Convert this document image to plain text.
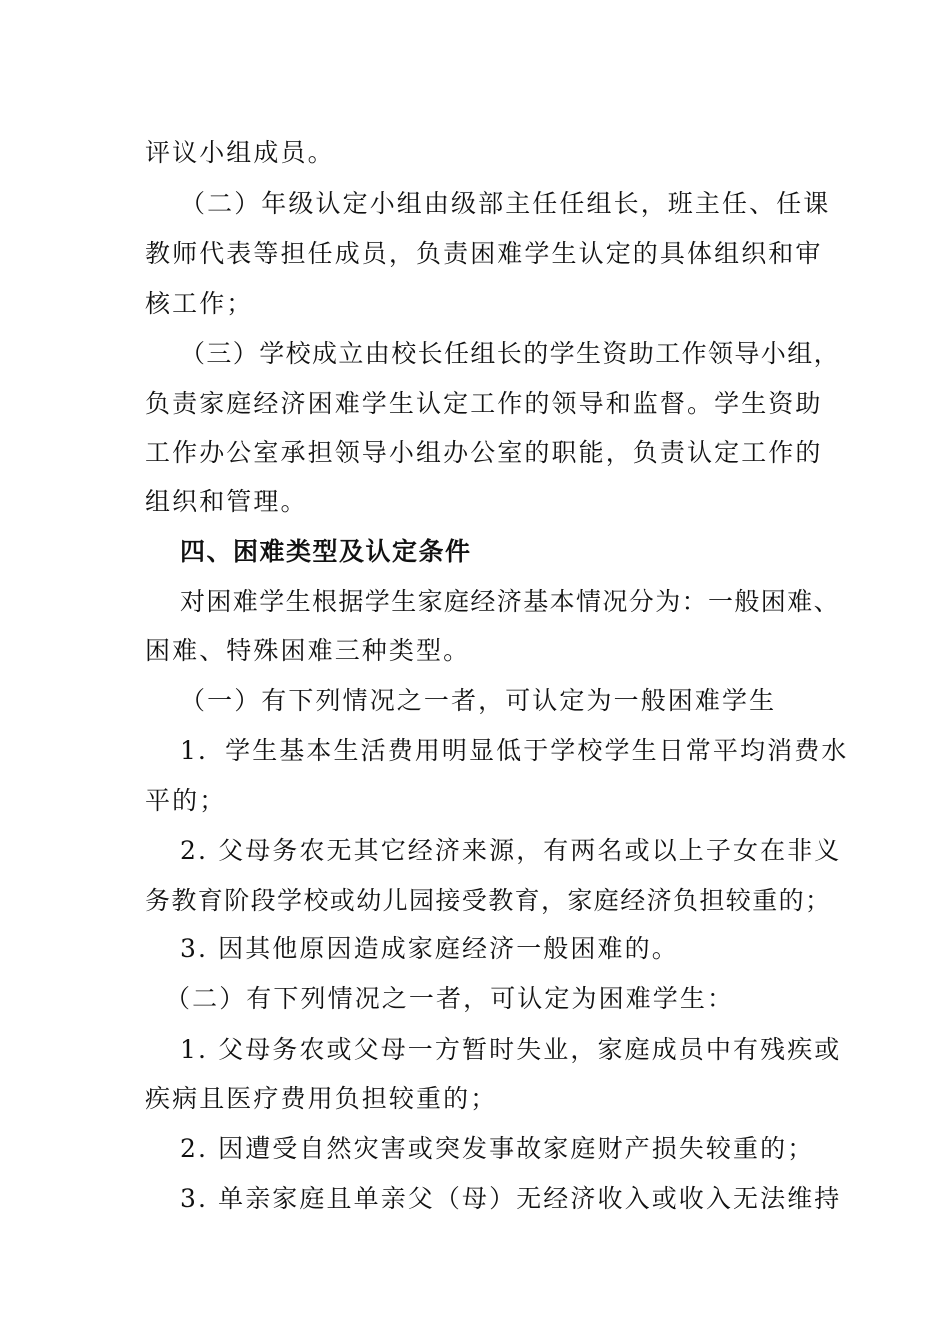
评议小组成员。
（二）年级认定小组由级部主任任组长，班主任、任课
教师代表等担任成员，负责困难学生认定的具体组织和审
核工作；
（三）学校成立由校长任组长的学生资助工作领导小组，
负责家庭经济困难学生认定工作的领导和监督。学生资助
工作办公室承担领导小组办公室的职能，负责认定工作的
组织和管理。
四、困难类型及认定条件
对困难学生根据学生家庭经济基本情况分为：一般困难、
困难、特殊困难三种类型。
（一）有下列情况之一者，可认定为一般困难学生
1．学生基本生活费用明显低于学校学生日常平均消费水
平的；
2. 父母务农无其它经济来源，有两名或以上子女在非义
务教育阶段学校或幼儿园接受教育，家庭经济负担较重的；
3. 因其他原因造成家庭经济一般困难的。
（二）有下列情况之一者，可认定为困难学生：
1. 父母务农或父母一方暂时失业，家庭成员中有残疾或
疾病且医疗费用负担较重的；
2. 因遭受自然灾害或突发事故家庭财产损失较重的；
3. 单亲家庭且单亲父（母）无经济收入或收入无法维持
